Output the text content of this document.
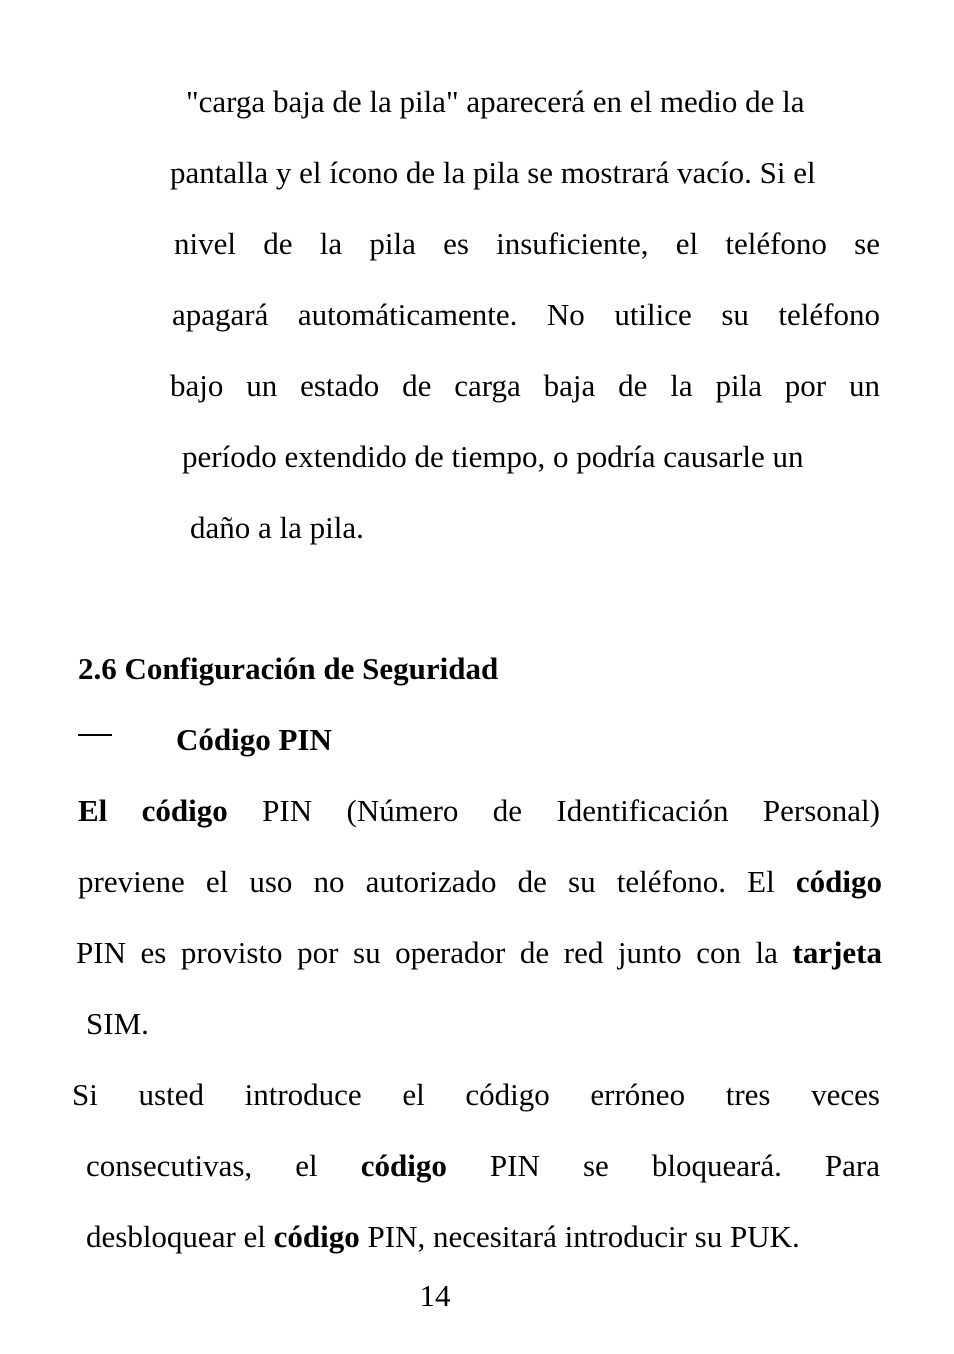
"carga baja de la pila" aparecerá en el medio de la
pantalla y el ícono de la pila se mostrará vacío. Si el
nivel de la pila es insuficiente, el teléfono se
apagará automáticamente. No utilice su teléfono
bajo un estado de carga baja de la pila por un
período extendido de tiempo, o podría causarle un
daño a la pila.
2.6 Configuración de Seguridad
Código PIN
El código PIN (Número de Identificación Personal)
previene el uso no autorizado de su teléfono. El código
PIN es provisto por su operador de red junto con la tarjeta
SIM.
Si usted introduce el código erróneo tres veces
consecutivas, el código PIN se bloqueará. Para
desbloquear el código PIN, necesitará introducir su PUK.
14
